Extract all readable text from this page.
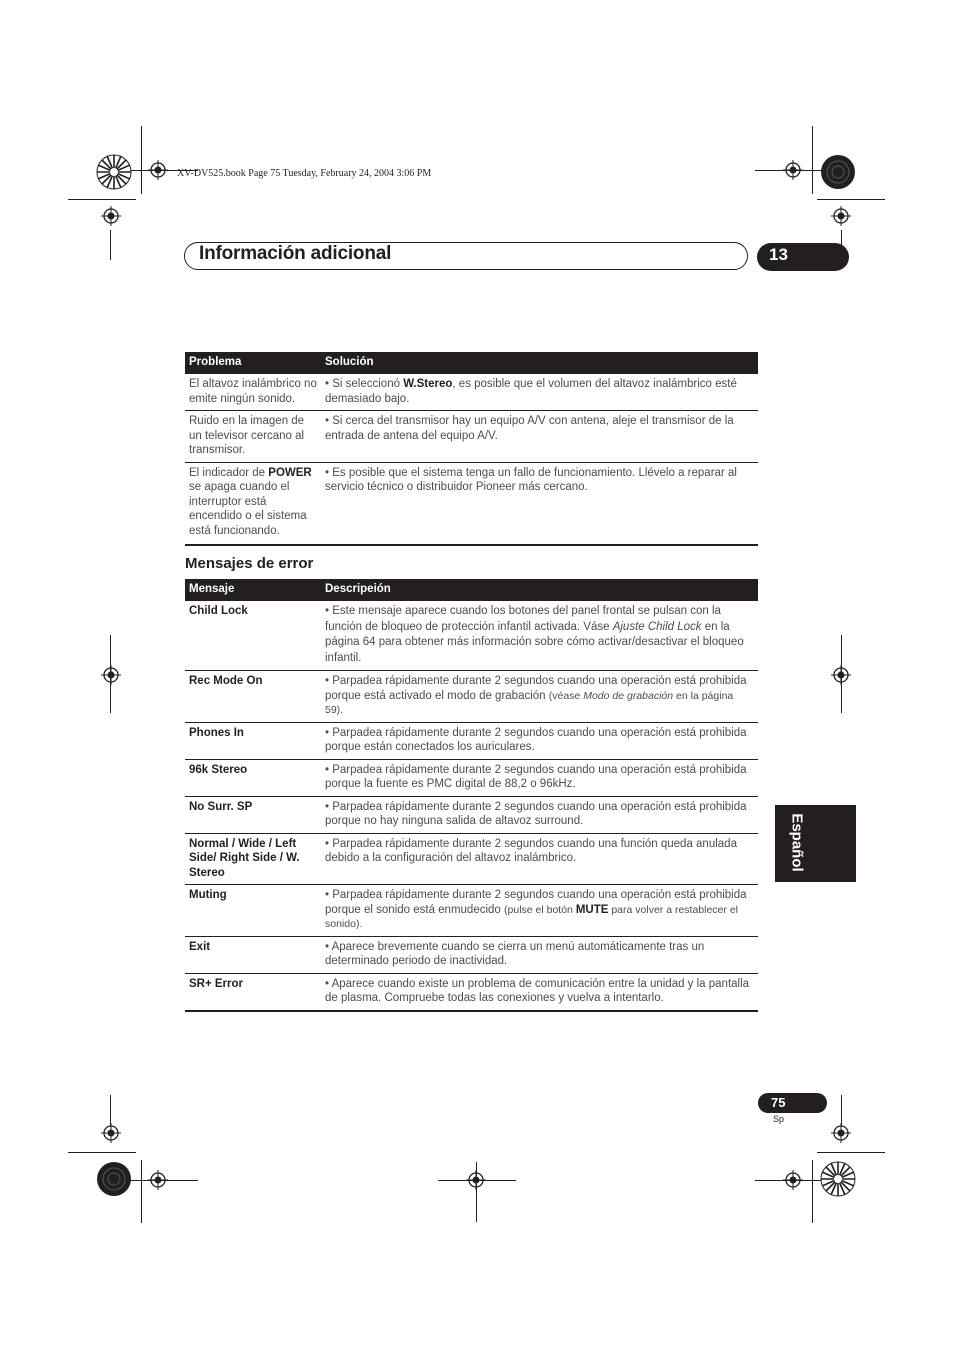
XV-DV525.book Page 75 Tuesday, February 24, 2004 3:06 PM
Información adicional	13
Problema	Solución
El altavoz inalámbrico no emite ningún sonido.	• Si seleccionó W.Stereo, es posible que el volumen del altavoz inalámbrico esté demasiado bajo.
Ruido en la imagen de un televisor cercano al transmisor.	• Si cerca del transmisor hay un equipo A/V con antena, aleje el transmisor de la entrada de antena del equipo A/V.
El indicador de POWER se apaga cuando el interruptor está encendido o el sistema está funcionando.	• Es posible que el sistema tenga un fallo de funcionamiento. Llévelo a reparar al servicio técnico o distribuidor Pioneer más cercano.
Mensajes de error
Mensaje	Descripeión
Child Lock	• Este mensaje aparece cuando los botones del panel frontal se pulsan con la función de bloqueo de protección infantil activada. Váse Ajuste Child Lock en la página 64 para obtener más información sobre cómo activar/desactivar el bloqueo infantil.
Rec Mode On	• Parpadea rápidamente durante 2 segundos cuando una operación está prohibida porque está activado el modo de grabación (véase Modo de grabación en la página 59).
Phones In	• Parpadea rápidamente durante 2 segundos cuando una operación está prohibida porque están conectados los auriculares.
96k Stereo	• Parpadea rápidamente durante 2 segundos cuando una operación está prohibida porque la fuente es PMC digital de 88,2 o 96kHz.
No Surr. SP	• Parpadea rápidamente durante 2 segundos cuando una operación está prohibida porque no hay ninguna salida de altavoz surround.
Normal / Wide / Left Side/ Right Side / W. Stereo	• Parpadea rápidamente durante 2 segundos cuando una función queda anulada debido a la configuración del altavoz inalámbrico.
Muting	• Parpadea rápidamente durante 2 segundos cuando una operación está prohibida porque el sonido está enmudecido (pulse el botón MUTE para volver a restablecer el sonido).
Exit	• Aparece brevemente cuando se cierra un menú automáticamente tras un determinado periodo de inactividad.
SR+ Error	• Aparece cuando existe un problema de comunicación entre la unidad y la pantalla de plasma. Compruebe todas las conexiones y vuelva a intentarlo.
Español
75
Sp
